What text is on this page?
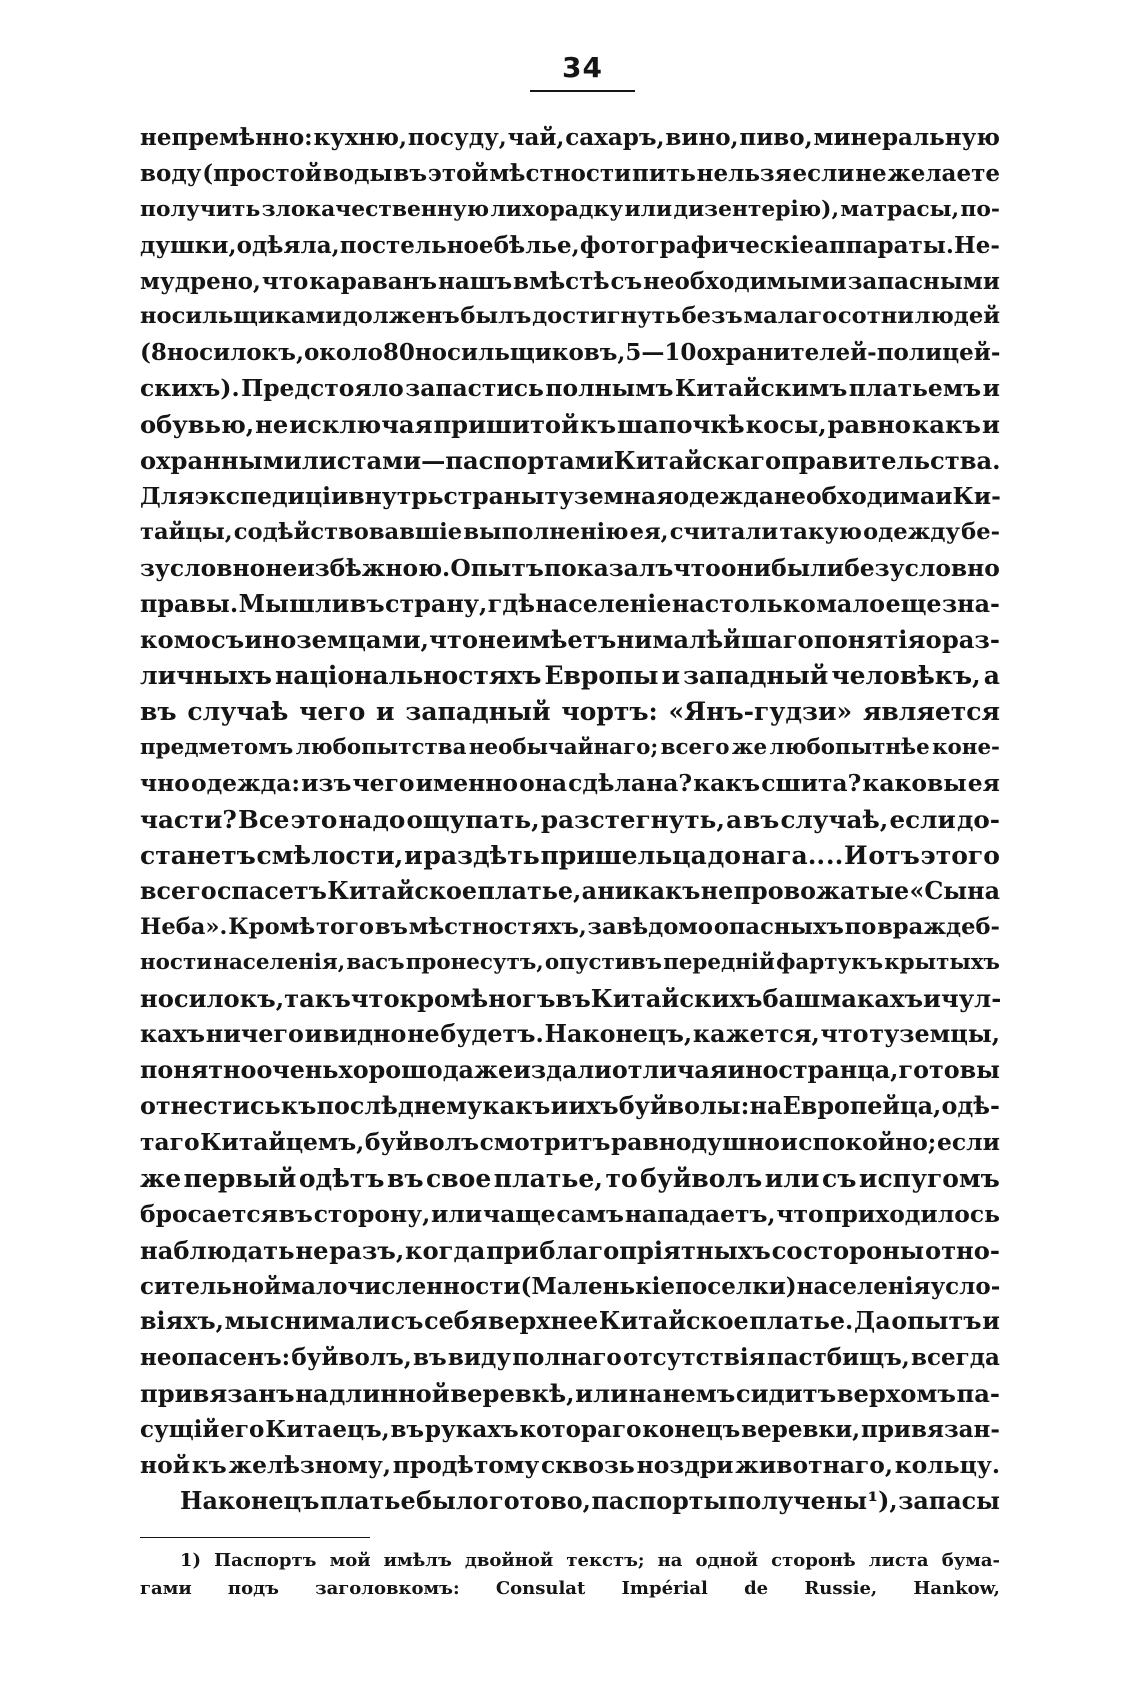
34
непремѣнно: кухню, посуду, чай, сахаръ, вино, пиво, минеральную
воду (простой воды въ этой мѣстности пить нельзя если не желаете
получить злокачественную лихорадку или дизентерію), матрасы, по-
душки, одѣяла, постельное бѣлье, фотографическіе аппараты. Не-
мудрено, что караванъ нашъ вмѣстѣ съ необходимыми запасными
носильщиками долженъ былъ достигнуть безъ малаго сотни людей
(8 носилокъ, около 80 носильщиковъ, 5—10 охранителей-полицей-
скихъ). Предстояло запастись полнымъ Китайскимъ платьемъ и
обувью, не исключая пришитой къ шапочкѣ косы, равно какъ и
охранными листами—паспортами Китайскаго правительства.
Для экспедиціи внутрь страны туземная одежда необходима и Ки-
тайцы, содѣйствовавшіе выполненію ея, считали такую одежду бе-
зусловно неизбѣжною. Опытъ показалъ что они были безусловно
правы. Мы шли въ страну, гдѣ населеніе настолько мало еще зна-
комо съ иноземцами, что не имѣетъ ни малѣйшаго понятія о раз-
личныхъ національностяхъ Европы и западный человѣкъ, а
въ случаѣ чего и западный чортъ: «Янъ-гудзи» является
предметомъ любопытства необычайнаго; всего же любопытнѣе коне-
чно одежда: изъ чего именно она сдѣлана? какъ сшита? каковы ея
части? Все это надо ощупать, разстегнуть, а въ случаѣ, если до-
станетъ смѣлости, и раздѣть пришельца до нага.. .. И отъ этого
всего спасетъ Китайское платье, а никакъ не провожатые «Сына
Неба». Кромѣ того въ мѣстностяхъ, завѣдомо опасныхъ по враждеб-
ности населенія, васъ пронесутъ, опустивъ передній фартукъ крытыхъ
носилокъ, такъ что кромѣ ногъ въ Китайскихъ башмакахъ и чул-
кахъ ничего и видно не будетъ. Наконецъ, кажется, что туземцы,
понятно очень хорошо даже издали отличая иностранца, готовы
отнестись къ послѣднему какъ и ихъ буйволы: на Европейца, одѣ-
таго Китайцемъ, буйволъ смотритъ равнодушно и спокойно; если
же первый одѣтъ въ свое платье, то буйволъ или съ испугомъ
бросается въ сторону, или чаще самъ нападаетъ, что приходилось
наблюдать не разъ, когда при благопріятныхъ со стороны отно-
сительной малочисленности (Маленькіе поселки) населенія усло-
віяхъ, мы снимали съ себя верхнее Китайское платье. Да опытъ и
неопасенъ: буйволъ, въ виду полнаго отсутствія пастбищъ, всегда
привязанъ на длинной веревкѣ, или на немъ сидитъ верхомъ па-
сущій его Китаецъ, въ рукахъ котораго конецъ веревки, привязан-
ной къ желѣзному, продѣтому сквозь ноздри животнаго, кольцу.
Наконецъ платье было готово, паспорты получены ¹), запасы
1) Паспортъ мой имѣлъ двойной текстъ; на одной сторонѣ листа бума-
гами подъ заголовкомъ: Consulat Impérial de Russie, Hankow,
